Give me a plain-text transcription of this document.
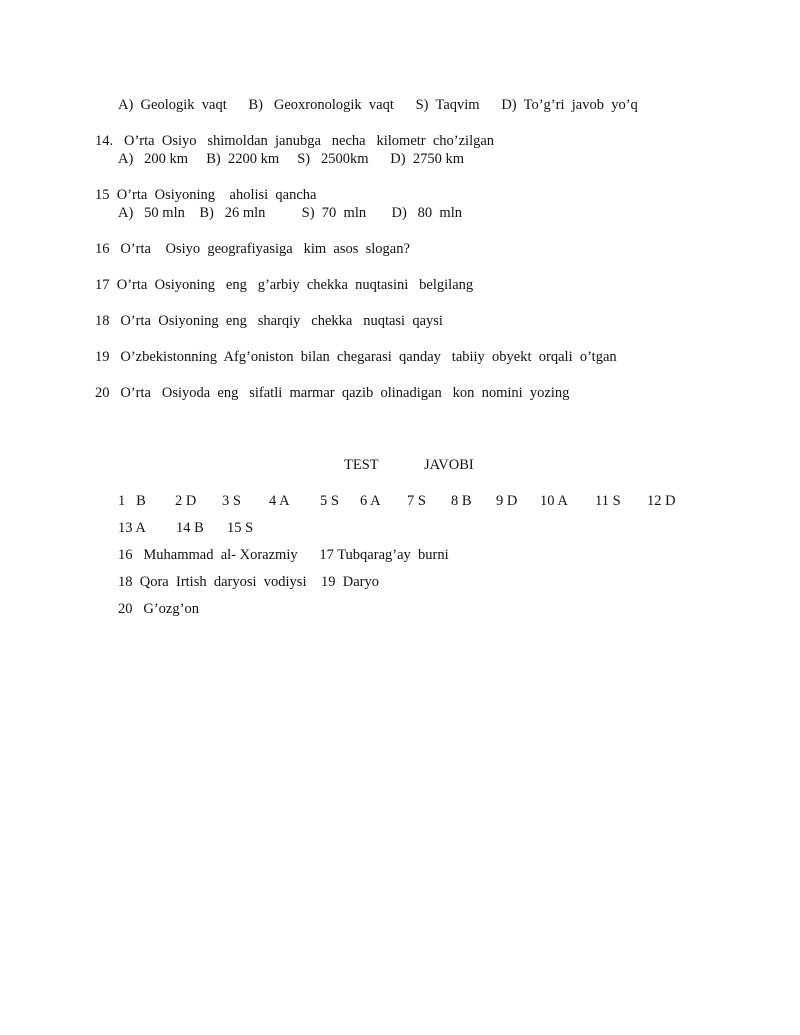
A)  Geologik  vaqt      B)   Geoxronologik  vaqt      S)  Taqvim      D)  To’g’ri  javob  yo’q
14.   O’rta  Osiyo   shimoldan  janubga   necha   kilometr  cho’zilgan
A)   200 km     B)  2200 km     S)   2500km      D)  2750 km
15  O’rta  Osiyoning    aholisi  qancha
A)   50 mln    B)   26 mln          S)  70  mln       D)   80  mln
16   O’rta    Osiyo  geografiyasiga   kim  asos  slogan?
17  O’rta  Osiyoning   eng   g’arbiy  chekka  nuqtasini   belgilang
18   O’rta  Osiyoning  eng   sharqiy   chekka   nuqtasi  qaysi
19   O’zbekistonning  Afg’oniston  bilan  chegarasi  qanday   tabiiy  obyekt  orqali  o’tgan
20   O’rta   Osiyoda  eng   sifatli  marmar  qazib  olinadigan   kon  nomini  yozing
TEST	JAVOBI

1   B

2 D

3 S

4 A

5 S

6 A

7 S

8 B

9 D

10 A

11 S

12 D

13 A

14 B

15 S

16   Muhammad  al- Xorazmiy      17 Tubqarag’ay  burni
18  Qora  Irtish  daryosi  vodiysi    19  Daryo
20   G’ozg’on
